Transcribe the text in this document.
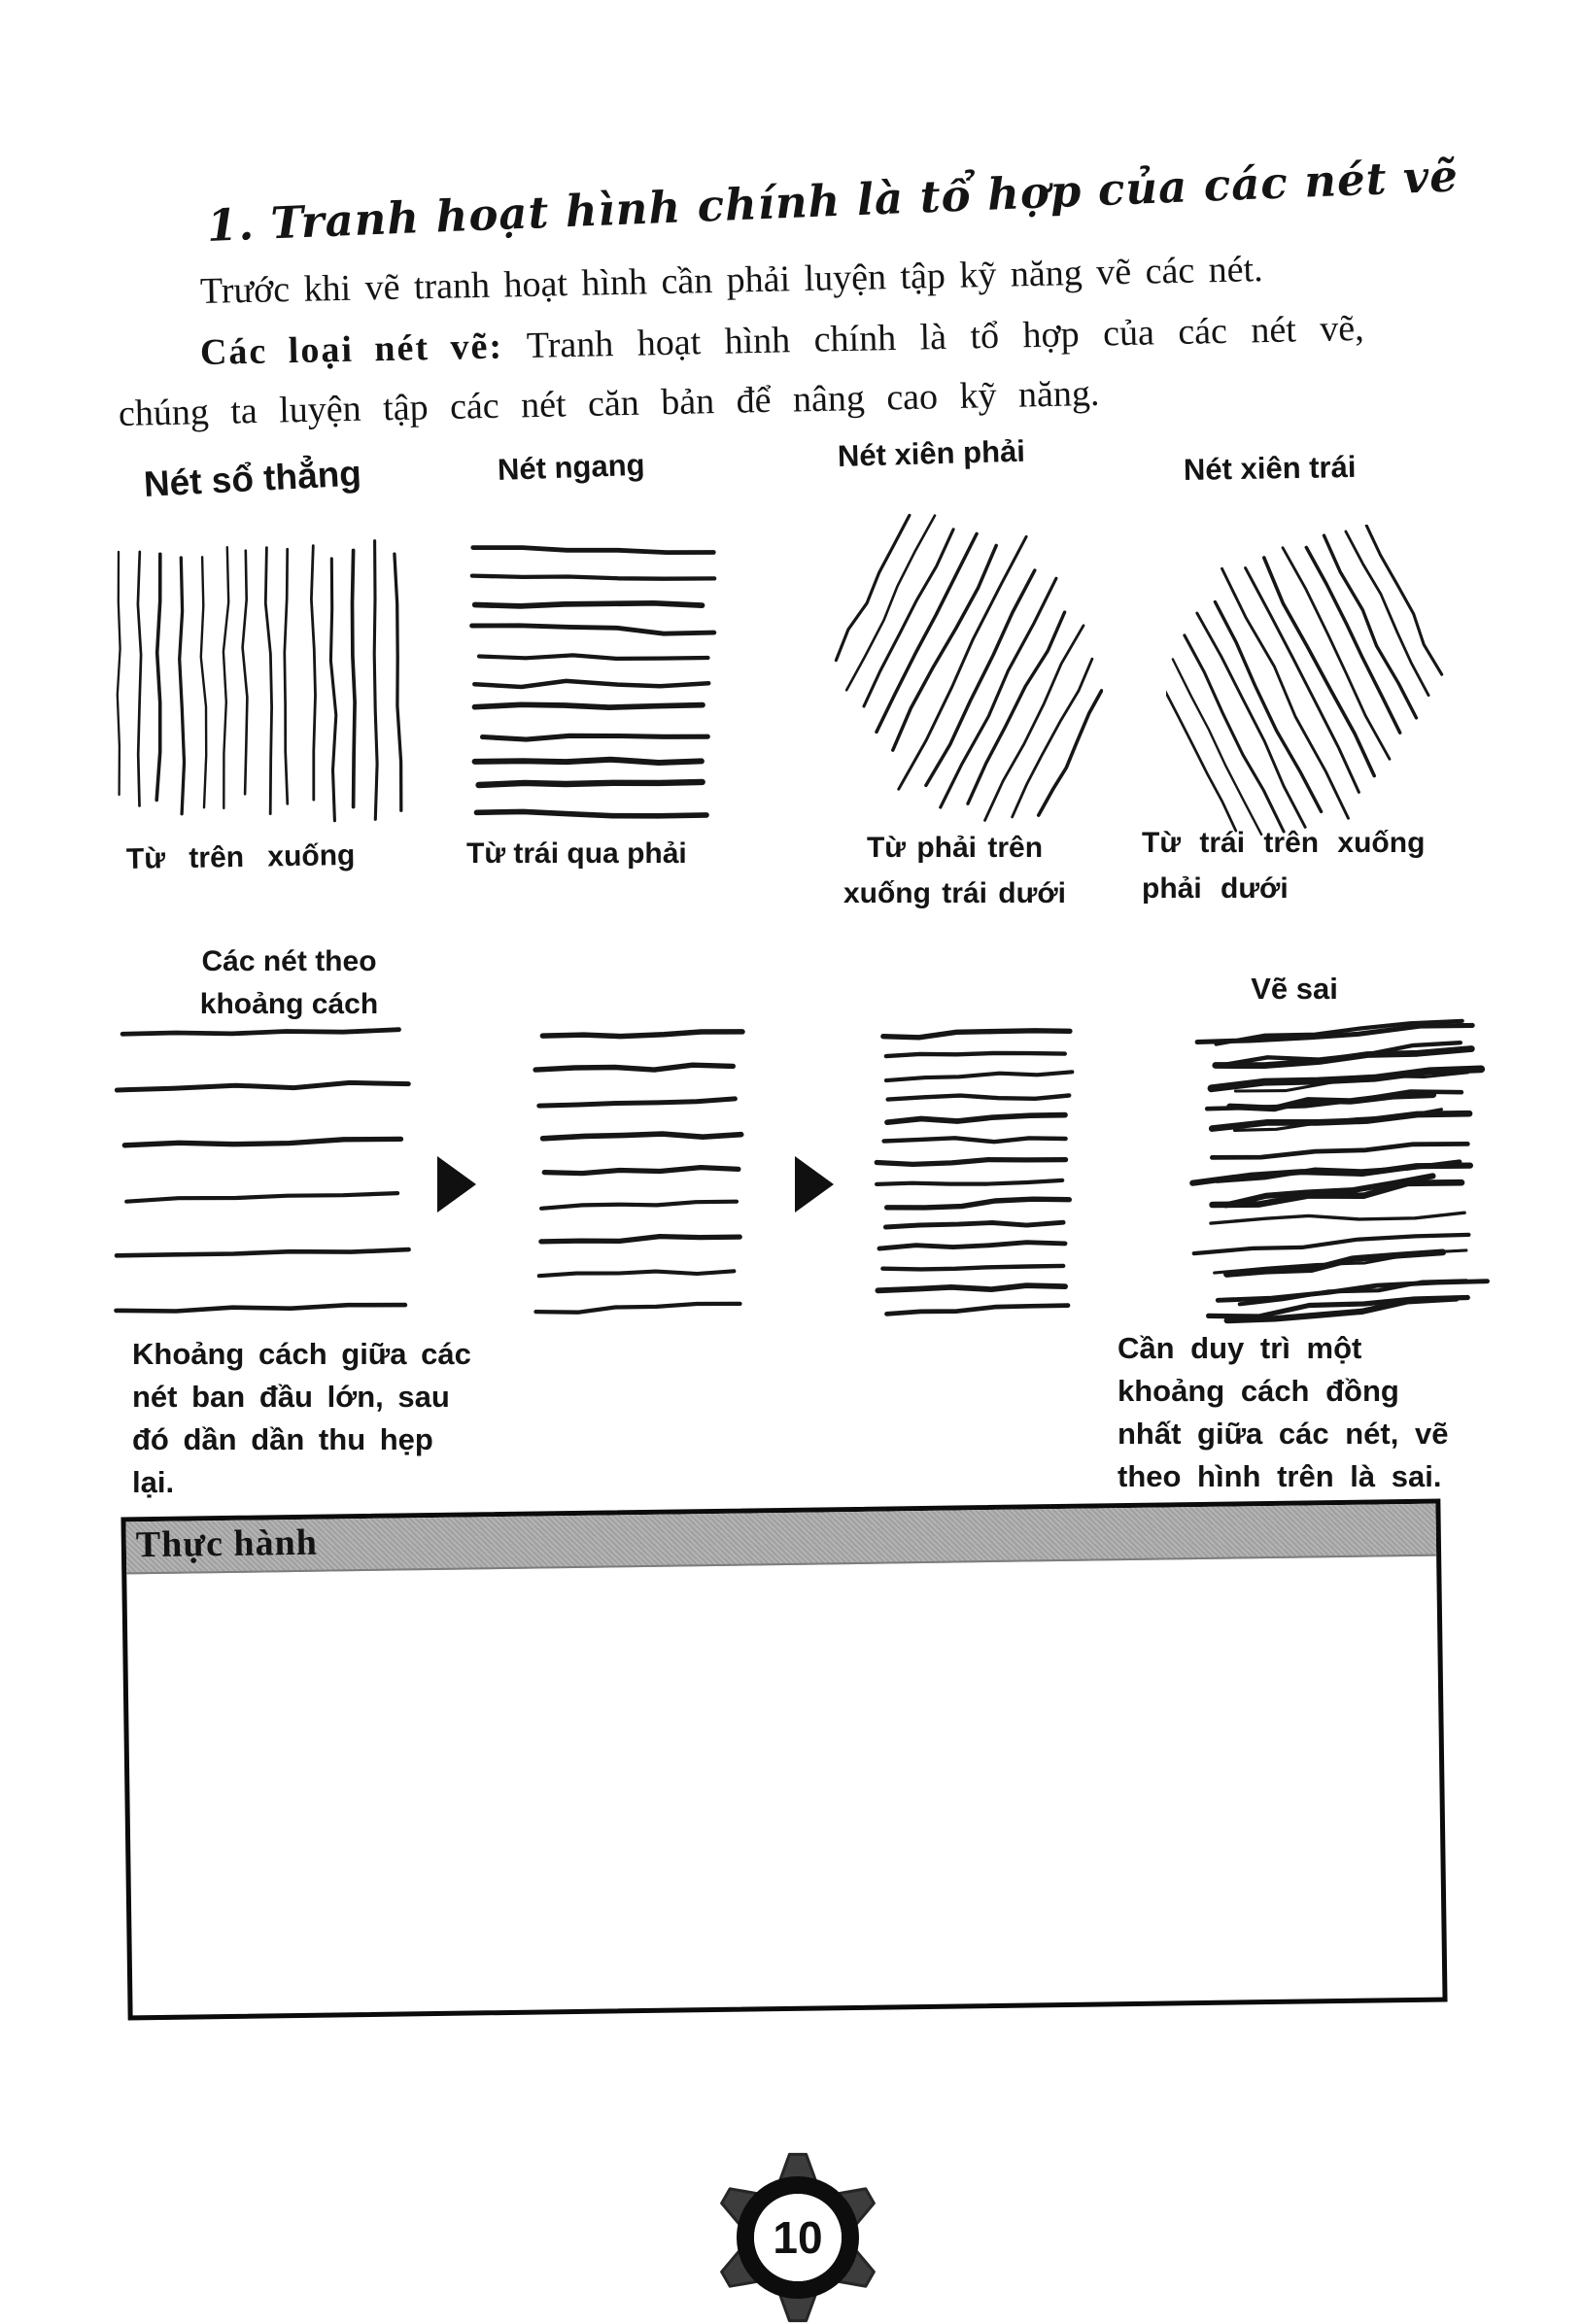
1. Tranh hoạt hình chính là tổ hợp của các nét vẽ
Trước khi vẽ tranh hoạt hình cần phải luyện tập kỹ năng vẽ các nét.
Các loại nét vẽ: Tranh hoạt hình chính là tổ hợp của các nét vẽ,
chúng ta luyện tập các nét căn bản để nâng cao kỹ năng.
Nét sổ thẳng	Nét ngang	Nét xiên phải	Nét xiên trái
Từ trên xuống	Từ trái qua phải	Từ phải trên xuống trái dưới
Từ trái trên xuống phải dưới
Các nét theo khoảng cách	Vẽ sai
Khoảng cách giữa các nét ban đầu lớn, sau đó dần dần thu hẹp lại.
Cần duy trì một khoảng cách đồng nhất giữa các nét, vẽ theo hình trên là sai.
Thực hành
10
